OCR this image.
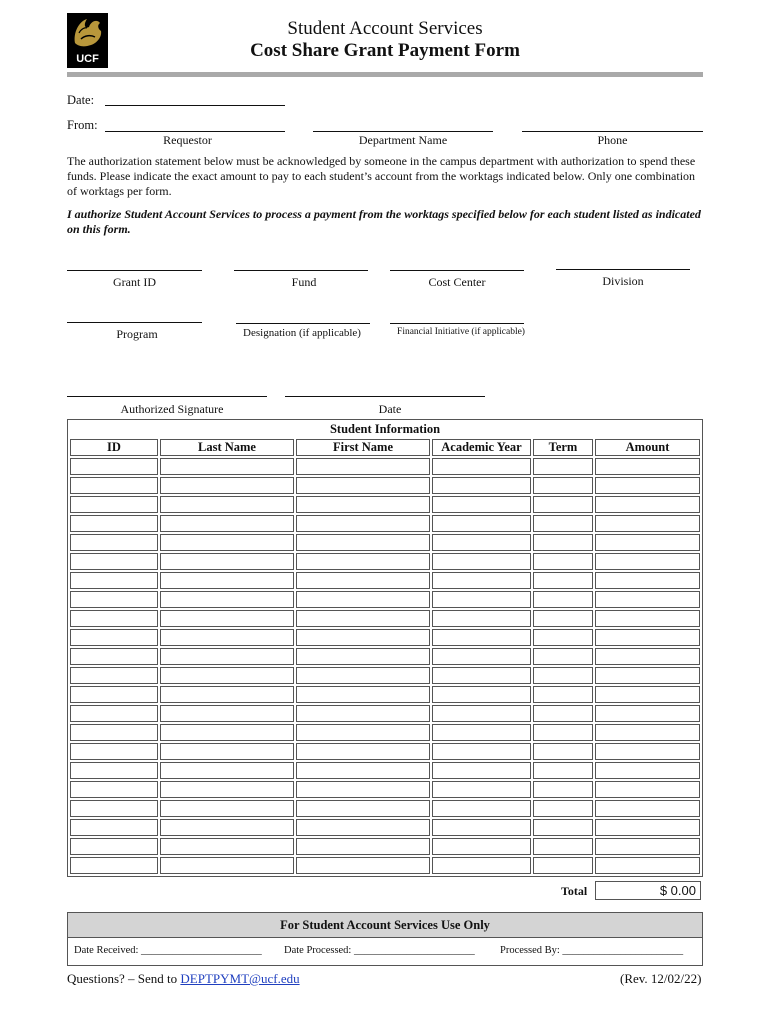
UCF
Student Account Services
Cost Share Grant Payment Form
Date:
From:
Requestor	Department Name	Phone
The authorization statement below must be acknowledged by someone in the campus department with authorization to spend these funds. Please indicate the exact amount to pay to each student’s account from the worktags indicated below. Only one combination of worktags per form.
I authorize Student Account Services to process a payment from the worktags specified below for each student listed as indicated on this form.
Grant ID	Fund	Cost Center	Division
Program	Designation (if applicable)	Financial Initiative (if applicable)
Authorized Signature	Date
Student Information					
ID	Last Name	First Name	Academic Year	Term	Amount

Total	$ 0.00
For Student Account Services Use Only
Date Received: _______________________ Date Processed: _______________________ Processed By: _______________________
Questions? – Send to DEPTPYMT@ucf.edu	(Rev. 12/02/22)
